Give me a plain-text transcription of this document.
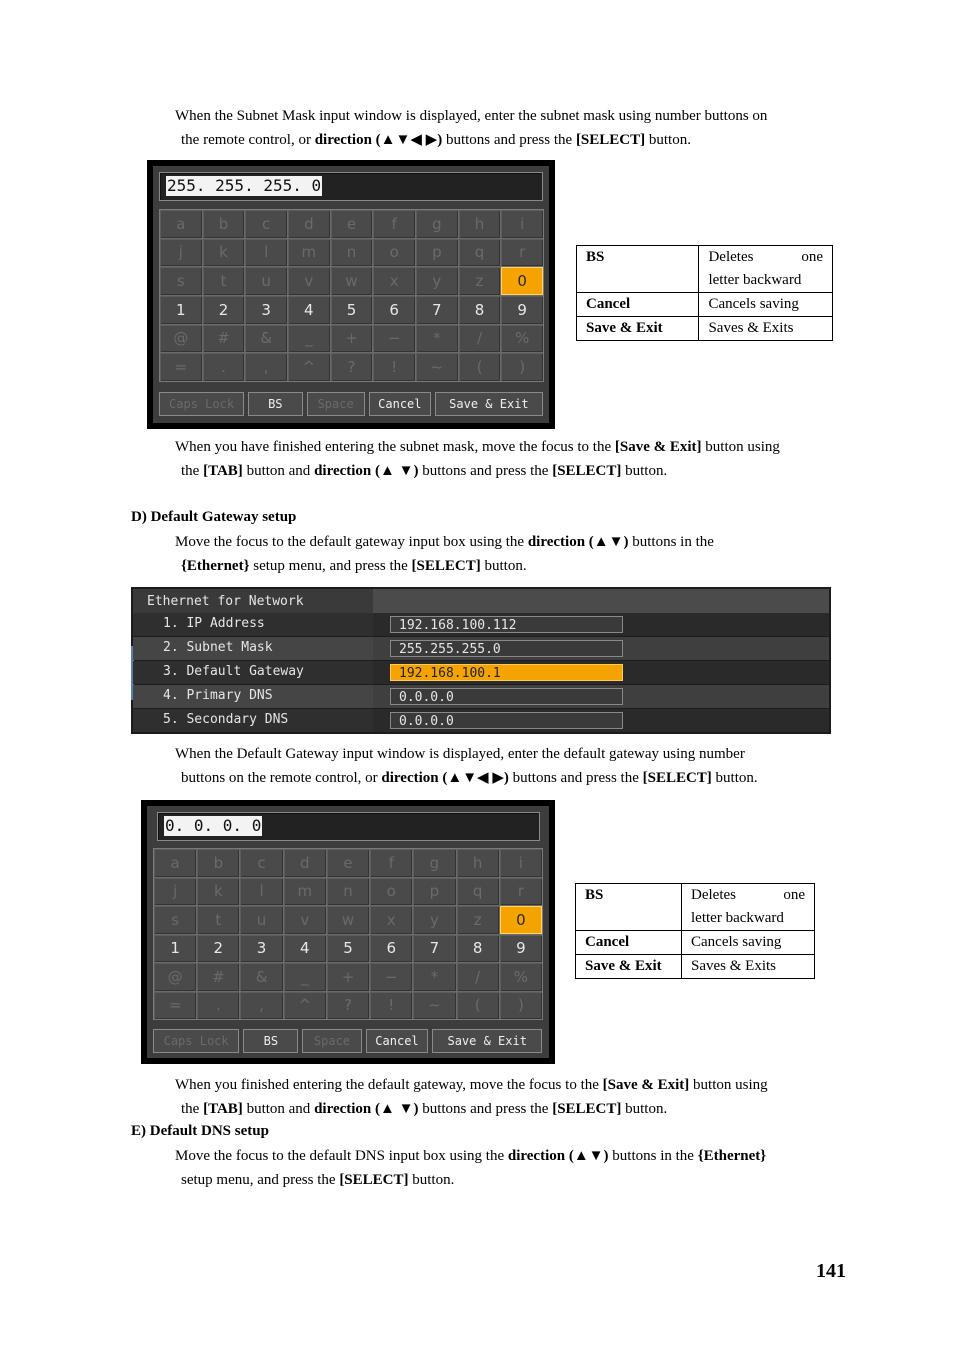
When the Subnet Mask input window is displayed, enter the subnet mask using number buttons on
the remote control, or direction (▲▼◀ ▶) buttons and press the [SELECT] button.
255. 255. 255. 0
a	b	c	d	e	f	g	h	i
j	k	l	m	n	o	p	q	r
s	t	u	v	w	x	y	z	0
1	2	3	4	5	6	7	8	9
@	#	&	_	+	−	*	/	%
=	.	,	^	?	!	~	(	)
Caps Lock	BS	Space	Cancel	Save & Exit
BS	Deletes one
letter backward
Cancel	Cancels saving
Save & Exit	Saves & Exits
When you have finished entering the subnet mask, move the focus to the [Save & Exit] button using
the [TAB] button and direction (▲ ▼) buttons and press the [SELECT] button.
D) Default Gateway setup
Move the focus to the default gateway input box using the direction (▲▼) buttons in the
{Ethernet} setup menu, and press the [SELECT] button.
Ethernet for Network
1. IP Address	192.168.100.112
2. Subnet Mask	255.255.255.0
3. Default Gateway	192.168.100.1
4. Primary DNS	0.0.0.0
5. Secondary DNS	0.0.0.0
When the Default Gateway input window is displayed, enter the default gateway using number
buttons on the remote control, or direction (▲▼◀ ▶) buttons and press the [SELECT] button.
0. 0. 0. 0
a	b	c	d	e	f	g	h	i
j	k	l	m	n	o	p	q	r
s	t	u	v	w	x	y	z	0
1	2	3	4	5	6	7	8	9
@	#	&	_	+	−	*	/	%
=	.	,	^	?	!	~	(	)
Caps Lock	BS	Space	Cancel	Save & Exit
BS	Deletes one
letter backward
Cancel	Cancels saving
Save & Exit	Saves & Exits
When you finished entering the default gateway, move the focus to the [Save & Exit] button using
the [TAB] button and direction (▲ ▼) buttons and press the [SELECT] button.
E) Default DNS setup
Move the focus to the default DNS input box using the direction (▲▼) buttons in the {Ethernet}
setup menu, and press the [SELECT] button.
141
